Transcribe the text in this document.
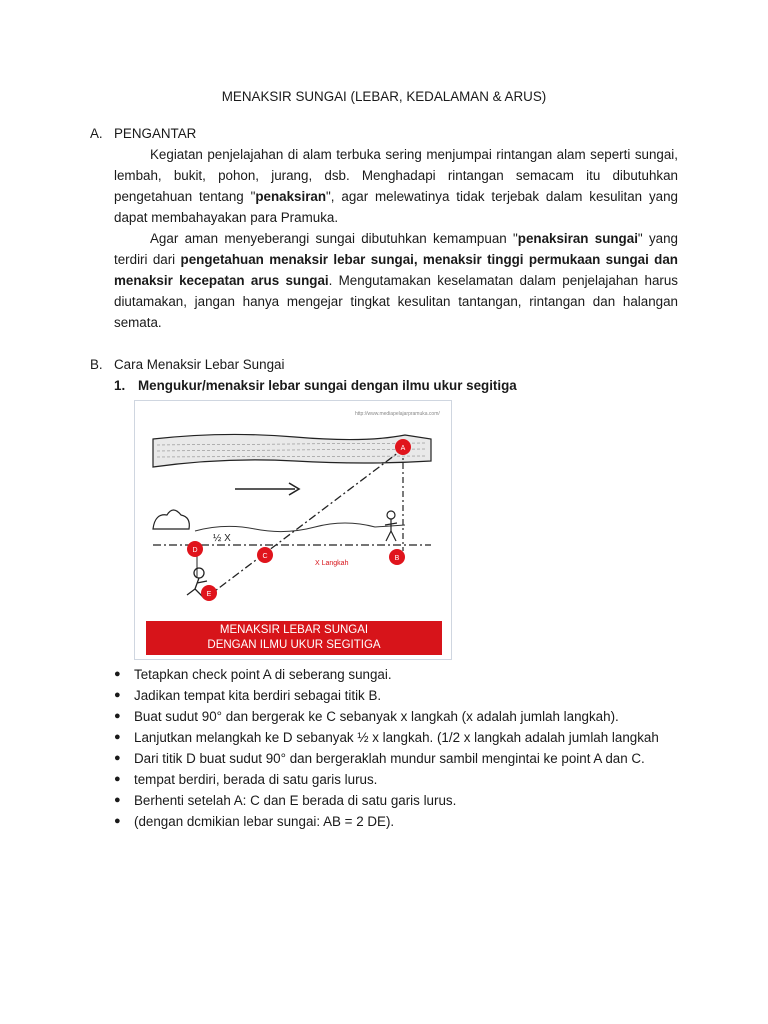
MENAKSIR SUNGAI (LEBAR, KEDALAMAN & ARUS)
A. PENGANTAR

Kegiatan penjelajahan di alam terbuka sering menjumpai rintangan alam seperti sungai, lembah, bukit, pohon, jurang, dsb. Menghadapi rintangan semacam itu dibutuhkan pengetahuan tentang "penaksiran", agar melewatinya tidak terjebak dalam kesulitan yang dapat membahayakan para Pramuka.

Agar aman menyeberangi sungai dibutuhkan kemampuan "penaksiran sungai" yang terdiri dari pengetahuan menaksir lebar sungai, menaksir tinggi permukaan sungai dan menaksir kecepatan arus sungai. Mengutamakan keselamatan dalam penjelajahan harus diutamakan, jangan hanya mengejar tingkat kesulitan tantangan, rintangan dan halangan semata.

B. Cara Menaksir Lebar Sungai
1. Mengukur/menaksir lebar sungai dengan ilmu ukur segitiga
http://www.mediapelajarpramuka.com/
½ X
X Langkah
A
B
C
D
E
MENAKSIR LEBAR SUNGAI
DENGAN ILMU UKUR SEGITIGA
● Tetapkan check point A di seberang sungai.
● Jadikan tempat kita berdiri sebagai titik B.
● Buat sudut 90° dan bergerak ke C sebanyak x langkah (x adalah jumlah langkah).
● Lanjutkan melangkah ke D sebanyak ½ x langkah. (1/2 x langkah adalah jumlah langkah
● Dari titik D buat sudut 90° dan bergeraklah mundur sambil mengintai ke point A dan C.
● tempat berdiri, berada di satu garis lurus.
● Berhenti setelah A: C dan E berada di satu garis lurus.
● (dengan dcmikian lebar sungai: AB = 2 DE).
